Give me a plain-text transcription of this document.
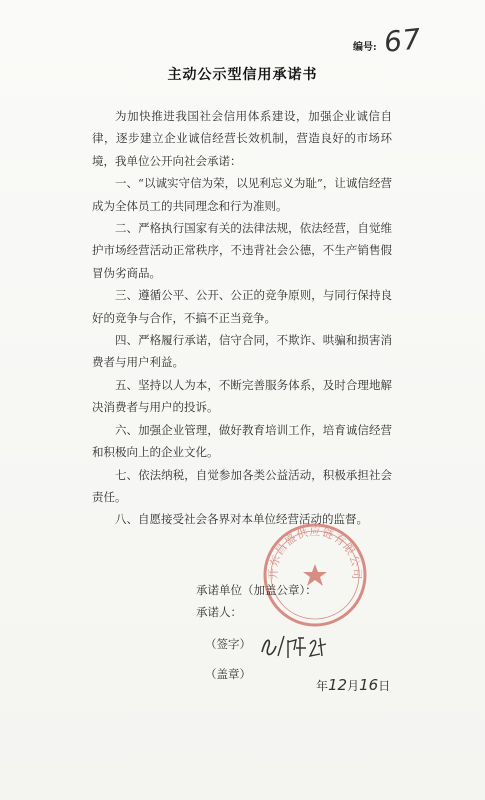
编号: 67
主动公示型信用承诺书

为加快推进我国社会信用体系建设，加强企业诚信自律，逐步建立企业诚信经营长效机制，营造良好的市场环境，我单位公开向社会承诺：

一、“以诚实守信为荣，以见利忘义为耻”，让诚信经营成为全体员工的共同理念和行为准则。

二、严格执行国家有关的法律法规，依法经营，自觉维护市场经营活动正常秩序，不违背社会公德，不生产销售假冒伪劣商品。

三、遵循公平、公开、公正的竞争原则，与同行保持良好的竞争与合作，不搞不正当竞争。

四、严格履行承诺，信守合同，不欺诈、哄骗和损害消费者与用户利益。

五、坚持以人为本，不断完善服务体系，及时合理地解决消费者与用户的投诉。

六、加强企业管理，做好教育培训工作，培育诚信经营和积极向上的企业文化。

七、依法纳税，自觉参加各类公益活动，积极承担社会责任。

八、自愿接受社会各界对本单位经营活动的监督。

开东昌盛供应链有限公司
承诺单位（加盖公章）：
承诺人：
（签字）
（盖章）
年12月16日
